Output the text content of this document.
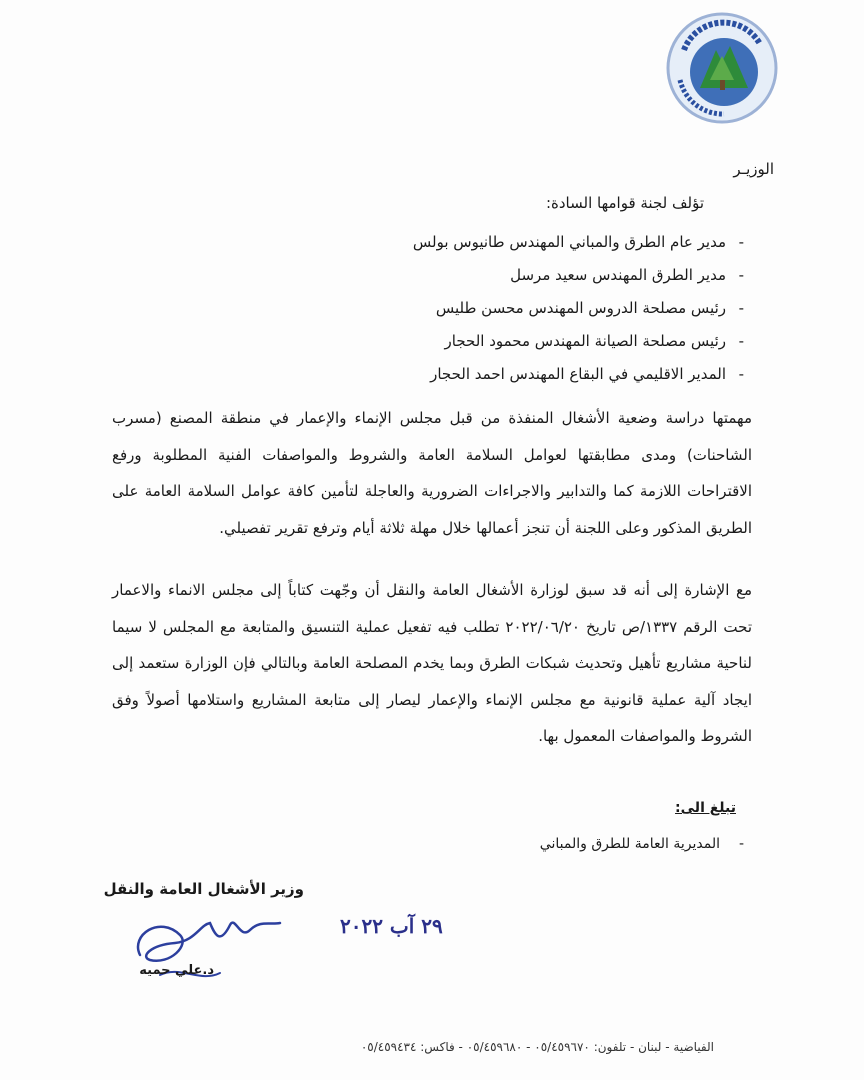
الوزيـر
تؤلف لجنة قوامها السادة:
- مدير عام الطرق والمباني المهندس طانيوس بولس
- مدير الطرق المهندس سعيد مرسل
- رئيس مصلحة الدروس المهندس محسن طليس
- رئيس مصلحة الصيانة المهندس محمود الحجار
- المدير الاقليمي في البقاع المهندس احمد الحجار
مهمتها دراسة وضعية الأشغال المنفذة من قبل مجلس الإنماء والإعمار في منطقة المصنع (مسرب الشاحنات) ومدى مطابقتها لعوامل السلامة العامة والشروط والمواصفات الفنية المطلوبة ورفع الاقتراحات اللازمة كما والتدابير والاجراءات الضرورية والعاجلة لتأمين كافة عوامل السلامة العامة على الطريق المذكور وعلى اللجنة أن تنجز أعمالها خلال مهلة ثلاثة أيام وترفع تقرير تفصيلي.
مع الإشارة إلى أنه قد سبق لوزارة الأشغال العامة والنقل أن وجّهت كتاباً إلى مجلس الانماء والاعمار تحت الرقم ١٣٣٧/ص تاريخ ٢٠٢٢/٠٦/٢٠ تطلب فيه تفعيل عملية التنسيق والمتابعة مع المجلس لا سيما لناحية مشاريع تأهيل وتحديث شبكات الطرق وبما يخدم المصلحة العامة وبالتالي فإن الوزارة ستعمد إلى ايجاد آلية عملية قانونية مع مجلس الإنماء والإعمار ليصار إلى متابعة المشاريع واستلامها أصولاً وفق الشروط والمواصفات المعمول بها.
تبلغ الى:
- المديرية العامة للطرق والمباني
وزير الأشغال العامة والنقل
د.علي حميه
٢٩ آب ٢٠٢٢
الفياضية - لبنان - تلفون: ٠٥/٤٥٩٦٧٠ - ٠٥/٤٥٩٦٨٠ - فاكس: ٠٥/٤٥٩٤٣٤
